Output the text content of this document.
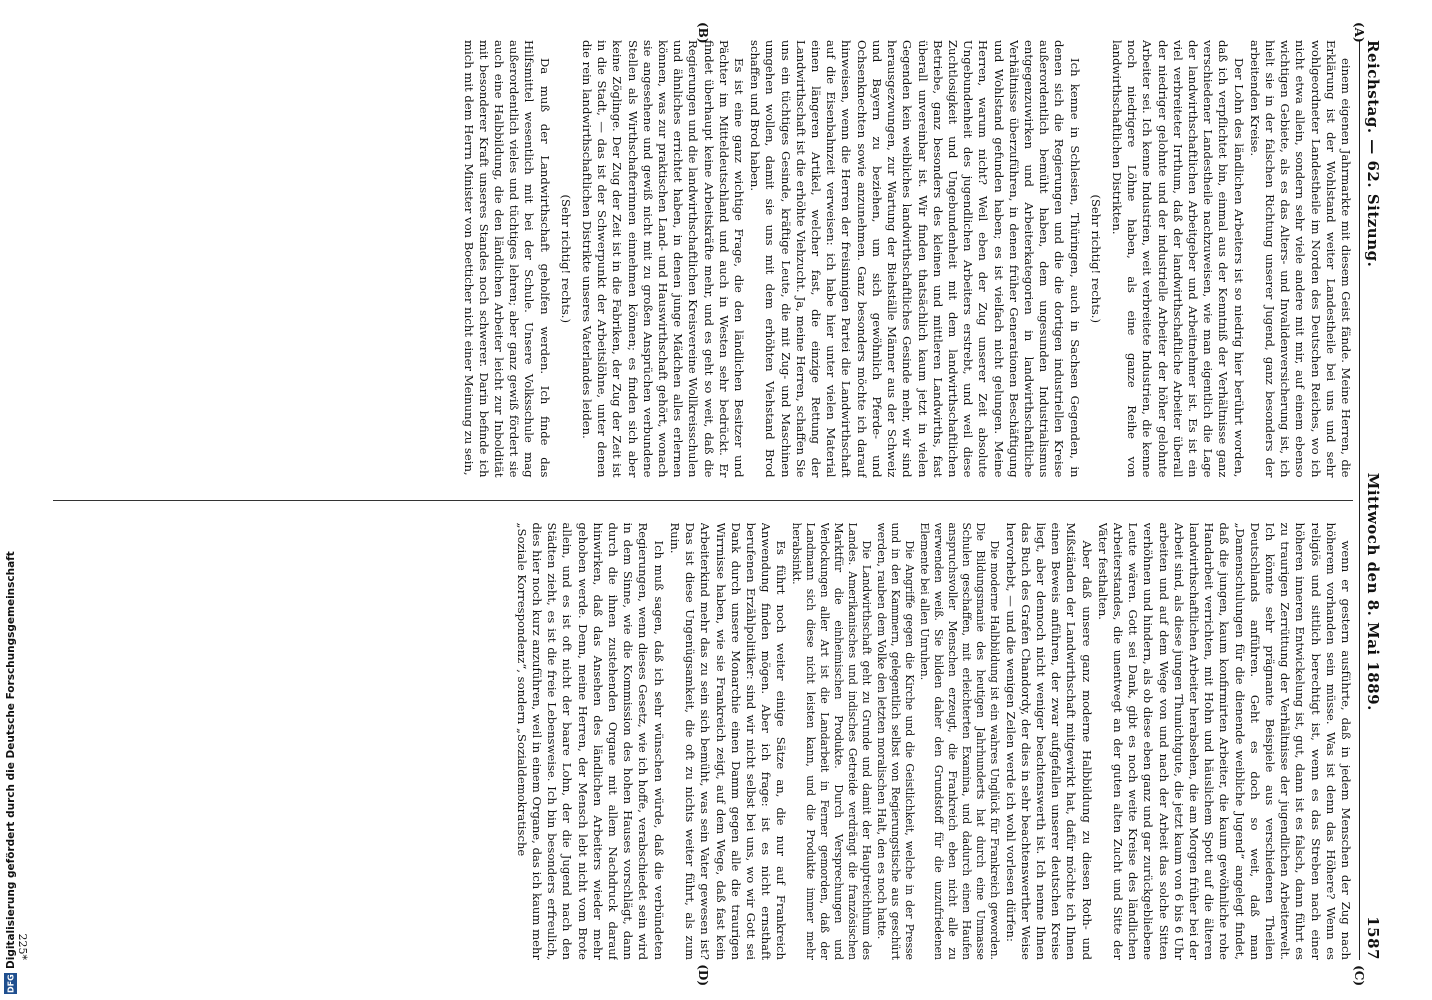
Reichstag. — 62. Sitzung.
Mittwoch den 8. Mai 1889.
1587

einem eigenen Jahrmarkte mit diesem Geist fände. Meine Herren, die Erklärung ist der Wohlstand weiter Landestheile bei uns und sehr wohlgeordneter Landestheile im Norden des Deutschen Reiches, wo ich nicht etwa allein, sondern sehr viele andere mit mir, auf einem ebenso wichtigen Gebiete, als es das Alters- und Invalidenversicherung ist, ich hielt sie in der falschen Richtung unserer Jugend, ganz besonders der arbeitenden Kreise.

Der Lohn des ländlichen Arbeiters ist so niedrig hier berührt worden, daß ich verpflichtet bin, einmal aus der Kenntniß der Verhältnisse ganz verschiedener Landestheile nachzuweisen, wie man eigentlich die Lage der landwirthschaftlichen Arbeitgeber und Arbeitnehmer ist. Es ist ein viel verbreiteter Irrthum, daß der landwirthschaftliche Arbeiter überall der niedriger gelohnte und der industrielle Arbeiter der höher gelohnte Arbeiter sei. Ich kenne Industrien, weit verbreitete Industrien, die kenne noch niedrigere Löhne haben, als eine ganze Reihe von landwirthschaftlichen Distrikten.

(Sehr richtig! rechts.)

Ich kenne in Schlesien, Thüringen, auch in Sachsen Gegenden, in denen sich die Regierungen und die die dortigen industriellen Kreise außerordentlich bemüht haben, dem ungesunden Industrialismus entgegenzuwirken und Arbeiterkategorien in landwirthschaftliche Verhältnisse überzuführen, in denen früher Generationen Beschäftigung und Wohlstand gefunden haben; es ist vielfach nicht gelungen. Meine Herren, warum nicht? Weil eben der Zug unserer Zeit absolute Ungebundenheit des jugendlichen Arbeiters erstrebt, und weil diese Zuchtlosigkeit und Ungebundenheit mit dem landwirthschaftlichen Betriebe, ganz besonders des kleinen und mittleren Landwirths, fast überall unvereinbar ist. Wir finden thatsächlich kaum jetzt in vielen Gegenden kein weibliches landwirthschaftliches Gesinde mehr, wir sind herausgezwungen, zur Wartung der Biehställe Männer aus der Schweiz und Bayern zu beziehen, um sich gewöhnlich Pferde- und Ochsenknechten sowie anzunehmen. Ganz besonders möchte ich darauf hinweisen, wenn die Herren der freisinnigen Partei die Landwirthschaft auf die Eisenbahnzeit verweisen: ich habe hier unter vielen Material einen längeren Artikel, welcher fast, die einzige Rettung der Landwirthschaft ist die erhöhte Viehzucht. Ja, meine Herren, schaffen Sie uns ein tüchtiges Gesinde, kräftige Leute, die mit Zug- und Maschinen umgehen wollen, damit sie uns mit dem erhöhten Viehstand Brod schaffen und Brod haben.

Es ist eine ganz wichtige Frage, die den ländlichen Besitzer und Pächter im Mitteldeutschland und auch in Westen sehr bedrückt. Er findet überhaupt keine Arbeitskräfte mehr, und es geht so weit, daß die Regierungen und die landwirthschaftlichen Kreisvereine Wollkreisschulen und ähnliches errichtet haben, in denen junge Mädchen alles erlernen können, was zur praktischen Land- und Hauswirthschaft gehört, wonach sie angesehene und gewiß nicht mit zu großen Ansprüchen verbundene Stellen als Wirthschafterinnen einnehmen können; es finden sich aber keine Zöglinge. Der Zug der Zeit ist in die Fabriken, der Zug der Zeit ist in die Stadt, — das ist der Schwerpunkt der Arbeitslöhne, unter denen die rein landwirthschaftlichen Distrikte unseres Vaterlandes leiden.

(Sehr richtig! rechts.)

Da muß der Landwirthschaft geholfen werden. Ich finde das Hilfsmittel wesentlich mit bei der Schule. Unsere Volksschule mag außerordentlich vieles und tüchtiges lehren; aber ganz gewiß fördert sie auch eine Halbbildung, die den ländlichen Arbeiter leicht zur Inboldität mit besonderer Kraft unseres Standes noch schwerer. Darin befinde ich mich mit dem Herrn Minister von Boetticher nicht einer Meinung zu sein,

wenn er gestern ausführte, daß in jedem Menschen der Zug nach höherem vorhanden sein müsse. Was ist denn das Höhere? Wenn es religiös und sittlich berechtigt ist, wenn es das Streben nach einer höheren inneren Entwickelung ist, gut, dann ist es falsch, dann führt es zu traurigen Zerrüttung der Verhältnisse der jugendlichen Arbeiterwelt. Ich könnte sehr prägnante Beispiele aus verschiedenen Theilen Deutschlands anführen. Geht es doch so weit, daß man „Damenschulungen für die dienende weibliche Jugend“ angelegt findet, daß die jungen, kaum konfirmirten Arbeiter, die kaum gewöhnliche rohe Handarbeit verrichten, mit Hohn und häuslichem Spott auf die älteren landwirthschaftlichen Arbeiter herabsehen, die am Morgen früher bei der Arbeit sind, als diese jungen Thunichtgute, die jetzt kaum von 6 bis 6 Uhr arbeiten und auf dem Wege von und nach der Arbeit das solche Sitten verhöhnen und hindern, als ob diese eben ganz und gar zurückgebliebene Leute wären. Gott sei Dank, gibt es noch weite Kreise des ländlichen Arbeiterstandes, die unentwegt an der guten alten Zucht und Sitte der Väter festhalten.

Aber daß unsere ganz moderne Halbbildung zu diesen Roth- und Mißständen der Landwirthschaft mitgewirkt hat, dafür möchte ich Ihnen einen Beweis anführen, der zwar aufgefallen unserer deutschen Kreise liegt, aber dennoch nicht weniger beachtenswerth ist. Ich nenne Ihnen das Buch des Grafen Chandordy, der dies in sehr beachtenswerther Weise hervorhebt, — und die wenigen Zeilen werde ich wohl vorlesen dürfen:

Die moderne Halbbildung ist ein wahres Unglück für Frankreich geworden. Die Bildungsmanie des heutigen Jahrhunderts hat durch eine Unmasse Schulen geschaffen, mit erleichterten Examina, und dadurch einen Haufen anspruchsvoller Menschen erzeugt, die Frankreich eben nicht alle zu verwenden weiß. Sie bilden daher den Grundstoff für die unzufriedenen Elemente bei allen Unruhen.

Die Angriffe gegen die Kirche und die Geistlichkeit, welche in der Presse und in den Kammern, gelegentlich selbst von Regierungstische aus geschürt werden, rauben dem Volke den letzten moralischen Halt, den es noch hatte.

Die Landwirthschaft geht zu Grunde und damit der Hauptreichthum des Landes. Amerikanisches und indisches Getreide verdrängt die französischen Marktfür die einheimischen Produkte. Durch Versprechungen und Verlockungen aller Art ist die Landarbeit in Ferner gemorden, daß der Landmann sich diese nicht leisten kann, und die Produkte immer mehr herabsinkt.

Es führt noch weiter einige Sätze an, die nur auf Frankreich Anwendung finden mögen. Aber ich frage: ist es nicht ernsthaft berufenen Erzählpolitiker: sind wir nicht selbst bei uns, wo wir Gott sei Dank durch unsere Monarchie einen Damm gegen alle die traurigen Wirrnisse haben, wie sie Frankreich zeigt, auf dem Wege, daß fast kein Arbeiterkind mehr das zu sein sich bemüht, was sein Vater gewesen ist? Das ist diese Ungenügsamkeit, die oft zu nichts weiter führt, als zum Ruin.

Ich muß sagen, daß ich sehr wünschen würde, daß die verbündeten Regierungen, wenn dieses Gesetz, wie ich hoffe, verabschiedet sein wird in dem Sinne, wie die Kommission des hohen Hauses vorschlägt, dann durch die ihnen zustehenden Organe mit allem Nachdruck darauf hinwirken, daß das Ansehen des ländlichen Arbeiters wieder mehr gehoben werde. Denn, meine Herren, der Mensch lebt nicht vom Brote allein, und es ist oft nicht der baare Lohn, der die Jugend nach den Städten zieht, es ist die freie Lebensweise. Ich bin besonders erfreulich, dies hier noch kurz anzuführen, weil in einem Organe, das ich kaum mehr „Soziale Korrespondenz“, sondern „Sozialdemokratische

(A)
(B)
(C)
(D)
225*
DFG
Digitalisierung gefördert durch die Deutsche Forschungsgemeinschaft
